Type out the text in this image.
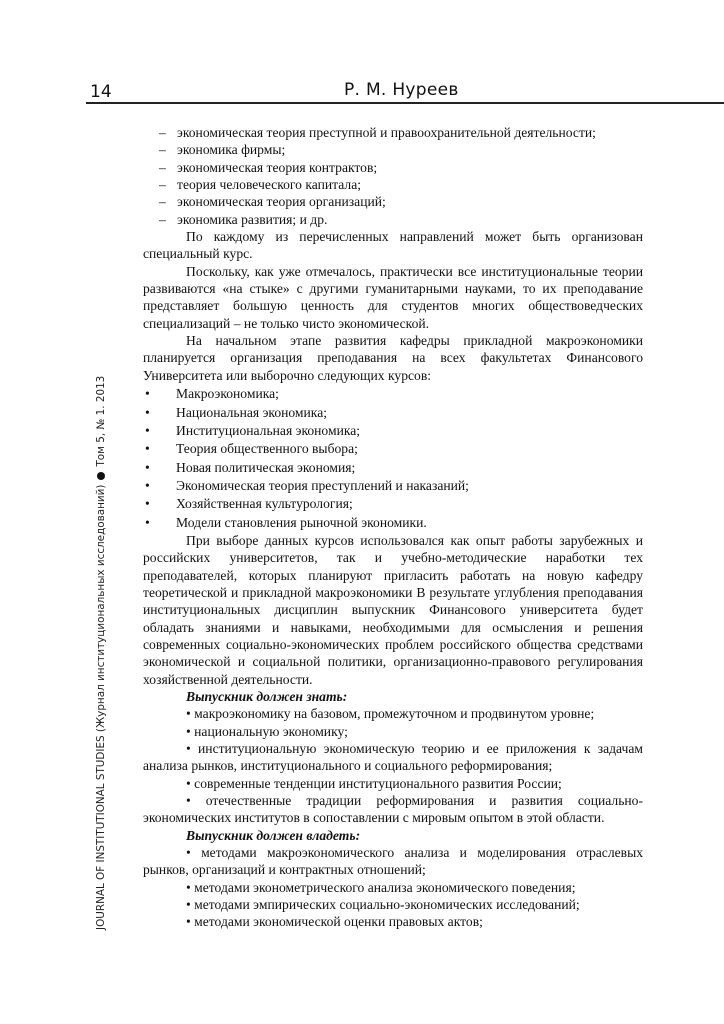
14	Р. М. Нуреев
JOURNAL OF INSTITUTIONAL STUDIES (Журнал институциональных исследований)Том 5, № 1. 2013
– экономическая теория преступной и правоохранительной деятельности;
– экономика фирмы;
– экономическая теория контрактов;
– теория человеческого капитала;
– экономическая теория организаций;
– экономика развития; и др.

По каждому из перечисленных направлений может быть организован специальный курс.

Поскольку, как уже отмечалось, практически все институциональные теории развиваются «на стыке» с другими гуманитарными науками, то их преподавание представляет большую ценность для студентов многих обществоведческих специализаций – не только чисто экономической.

На начальном этапе развития кафедры прикладной макроэкономики планируется организация преподавания на всех факультетах Финансового Университета или выборочно следующих курсов:

• Макроэкономика;
• Национальная экономика;
• Институциональная экономика;
• Теория общественного выбора;
• Новая политическая экономия;
• Экономическая теория преступлений и наказаний;
• Хозяйственная культурология;
• Модели становления рыночной экономики.

При выборе данных курсов использовался как опыт работы зарубежных и российских университетов, так и учебно-методические наработки тех преподавателей, которых планируют пригласить работать на новую кафедру теоретической и прикладной макроэкономики В результате углубления преподавания институциональных дисциплин выпускник Финансового университета будет обладать знаниями и навыками, необходимыми для осмысления и решения современных социально-экономических проблем российского общества средствами экономической и социальной политики, организационно-правового регулирования хозяйственной деятельности.

Выпускник должен знать:

• макроэкономику на базовом, промежуточном и продвинутом уровне;

• национальную экономику;

• институциональную экономическую теорию и ее приложения к задачам анализа рынков, институционального и социального реформирования;

• современные тенденции институционального развития России;

• отечественные традиции реформирования и развития социально-экономических институтов в сопоставлении с мировым опытом в этой области.

Выпускник должен владеть:

• методами макроэкономического анализа и моделирования отраслевых рынков, организаций и контрактных отношений;

• методами эконометрического анализа экономического поведения;

• методами эмпирических социально-экономических исследований;

• методами экономической оценки правовых актов;
